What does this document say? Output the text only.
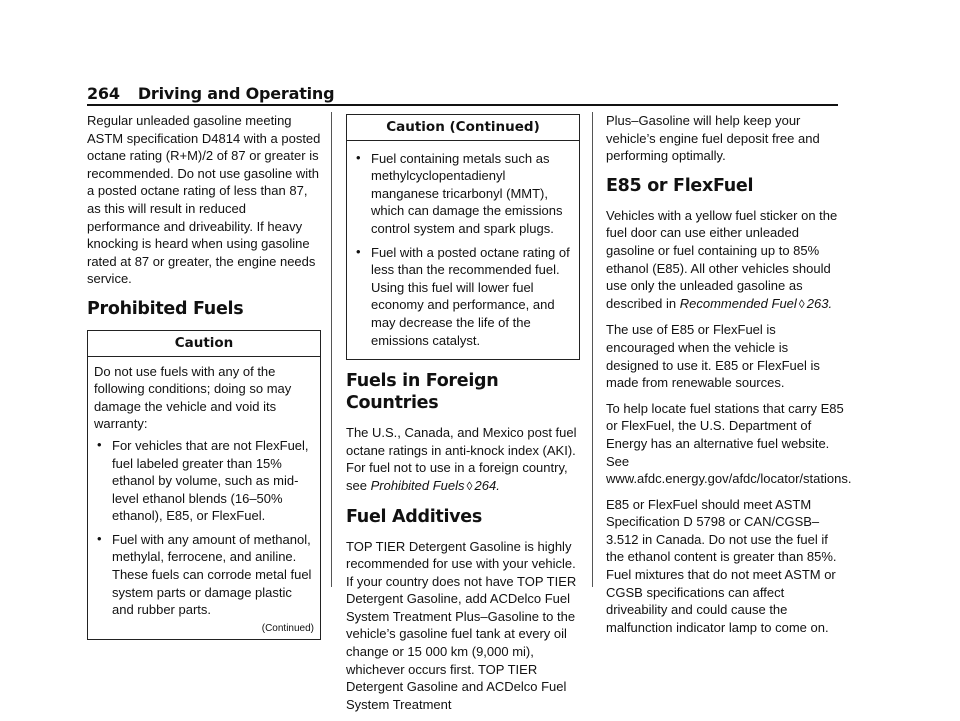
264 Driving and Operating

Regular unleaded gasoline meeting ASTM specification D4814 with a posted octane rating (R+M)/2 of 87 or greater is recommended. Do not use gasoline with a posted octane rating of less than 87, as this will result in reduced performance and driveability. If heavy knocking is heard when using gasoline rated at 87 or greater, the engine needs service.

Prohibited Fuels
Caution

Do not use fuels with any of the following conditions; doing so may damage the vehicle and void its warranty:

• For vehicles that are not FlexFuel, fuel labeled greater than 15% ethanol by volume, such as mid-level ethanol blends (16–50% ethanol), E85, or FlexFuel.
• Fuel with any amount of methanol, methylal, ferrocene, and aniline. These fuels can corrode metal fuel system parts or damage plastic and rubber parts.
(Continued)
Caution (Continued)
• Fuel containing metals such as methylcyclopentadienyl manganese tricarbonyl (MMT), which can damage the emissions control system and spark plugs.
• Fuel with a posted octane rating of less than the recommended fuel. Using this fuel will lower fuel economy and performance, and may decrease the life of the emissions catalyst.
Fuels in Foreign Countries

The U.S., Canada, and Mexico post fuel octane ratings in anti-knock index (AKI). For fuel not to use in a foreign country, see Prohibited Fuels ◊ 264.

Fuel Additives

TOP TIER Detergent Gasoline is highly recommended for use with your vehicle. If your country does not have TOP TIER Detergent Gasoline, add ACDelco Fuel System Treatment Plus–Gasoline to the vehicle’s gasoline fuel tank at every oil change or 15 000 km (9,000 mi), whichever occurs first. TOP TIER Detergent Gasoline and ACDelco Fuel System Treatment

Plus–Gasoline will help keep your vehicle’s engine fuel deposit free and performing optimally.

E85 or FlexFuel

Vehicles with a yellow fuel sticker on the fuel door can use either unleaded gasoline or fuel containing up to 85% ethanol (E85). All other vehicles should use only the unleaded gasoline as described in Recommended Fuel ◊ 263.

The use of E85 or FlexFuel is encouraged when the vehicle is designed to use it. E85 or FlexFuel is made from renewable sources.

To help locate fuel stations that carry E85 or FlexFuel, the U.S. Department of Energy has an alternative fuel website. See www.afdc.energy.gov/afdc/locator/stations.

E85 or FlexFuel should meet ASTM Specification D 5798 or CAN/CGSB–3.512 in Canada. Do not use the fuel if the ethanol content is greater than 85%. Fuel mixtures that do not meet ASTM or CGSB specifications can affect driveability and could cause the malfunction indicator lamp to come on.
